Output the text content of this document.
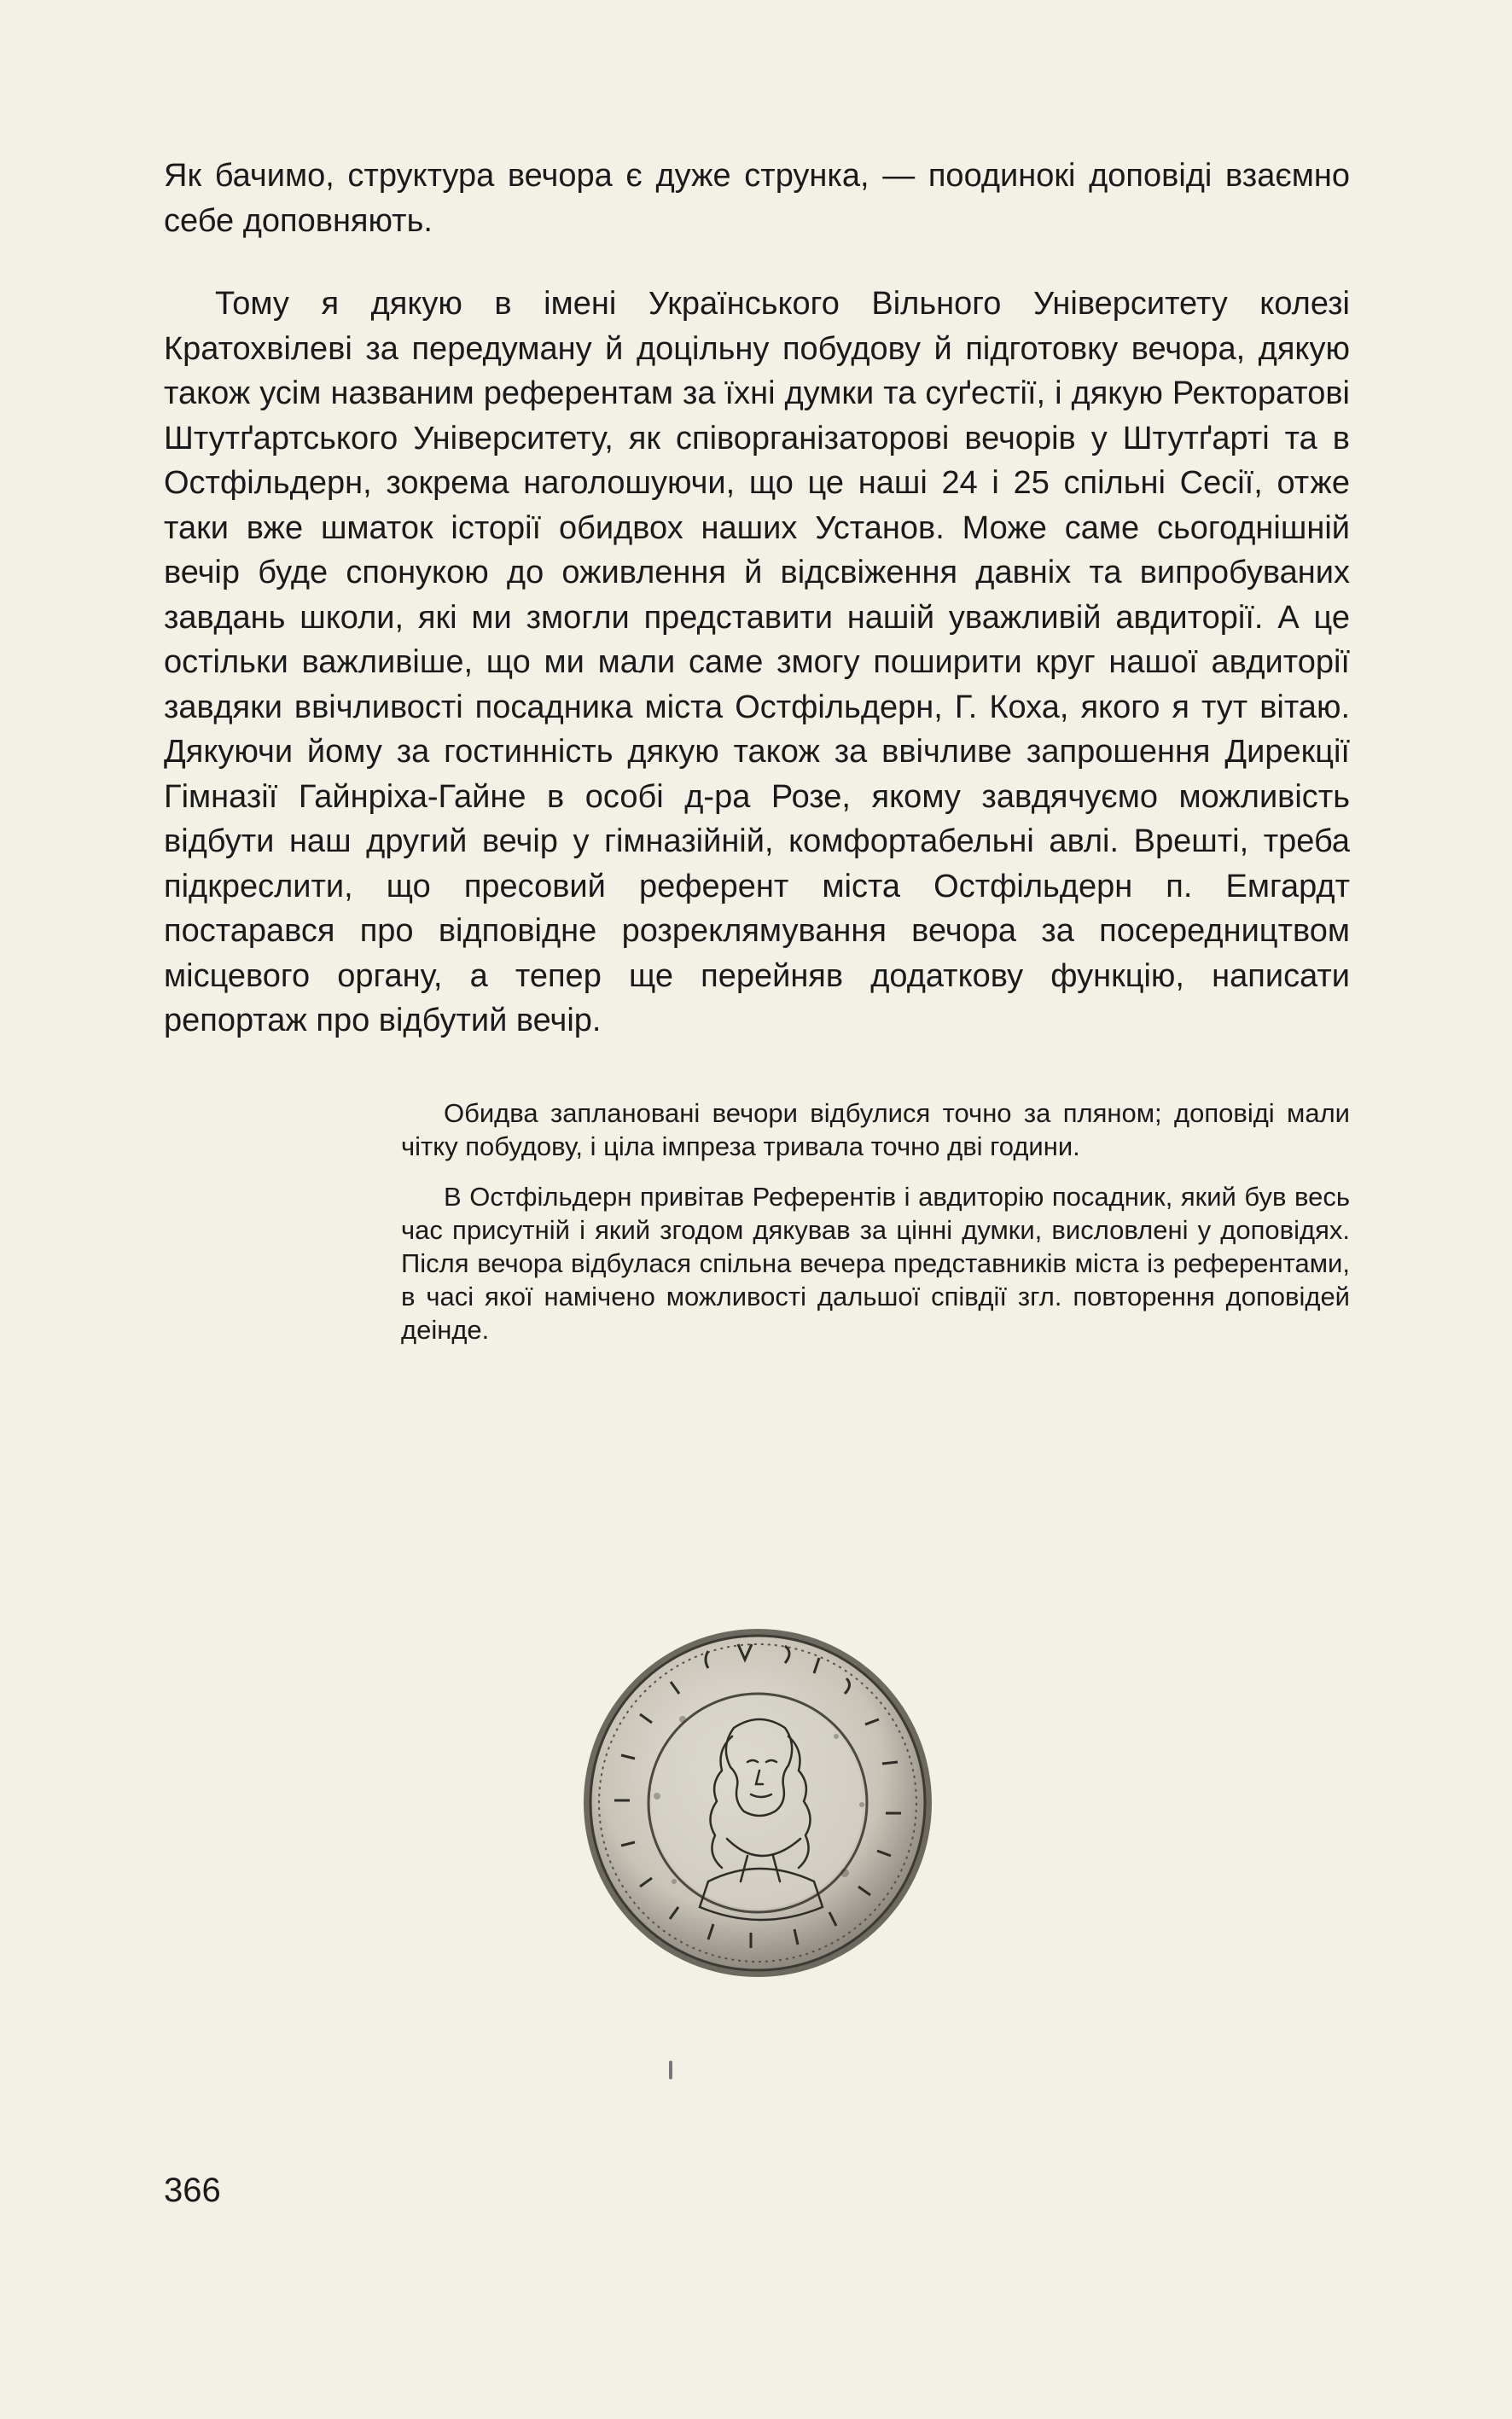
Як бачимо, структура вечора є дуже струнка, — поодинокі доповіді взаємно себе доповняють.

Тому я дякую в імені Українського Вільного Університету колезі Кратохвілеві за передуману й доцільну побудову й підготовку вечора, дякую також усім названим референтам за їхні думки та суґестії, і дякую Ректоратові Штутґартського Університету, як співорганізаторові вечорів у Штутґарті та в Остфільдерн, зокрема наголошуючи, що це наші 24 і 25 спільні Сесії, отже таки вже шматок історії обидвох наших Установ. Може саме сьогоднішній вечір буде спонукою до оживлення й відсвіження давніх та випробуваних завдань школи, які ми змогли представити нашій уважливій авдиторії. А це остільки важливіше, що ми мали саме змогу поширити круг нашої авдиторії завдяки ввічливості посадника міста Остфільдерн, Г. Коха, якого я тут вітаю. Дякуючи йому за гостинність дякую також за ввічливе запрошення Дирекції Гімназії Гайнріха-Гайне в особі д-ра Розе, якому завдячуємо можливість відбути наш другий вечір у гімназійній, комфортабельні авлі. Врешті, треба підкреслити, що пресовий референт міста Остфільдерн п. Емгардт постарався про відповідне розреклямування вечора за посередництвом місцевого органу, а тепер ще перейняв додаткову функцію, написати репортаж про відбутий вечір.

Обидва заплановані вечори відбулися точно за пляном; доповіді мали чітку побудову, і ціла імпреза тривала точно дві години.

В Остфільдерн привітав Референтів і авдиторію посадник, який був весь час присутній і який згодом дякував за цінні думки, висловлені у доповідях. Після вечора відбулася спільна вечера представників міста із референтами, в часі якої намічено можливості дальшої співдії згл. повторення доповідей деінде.

366
